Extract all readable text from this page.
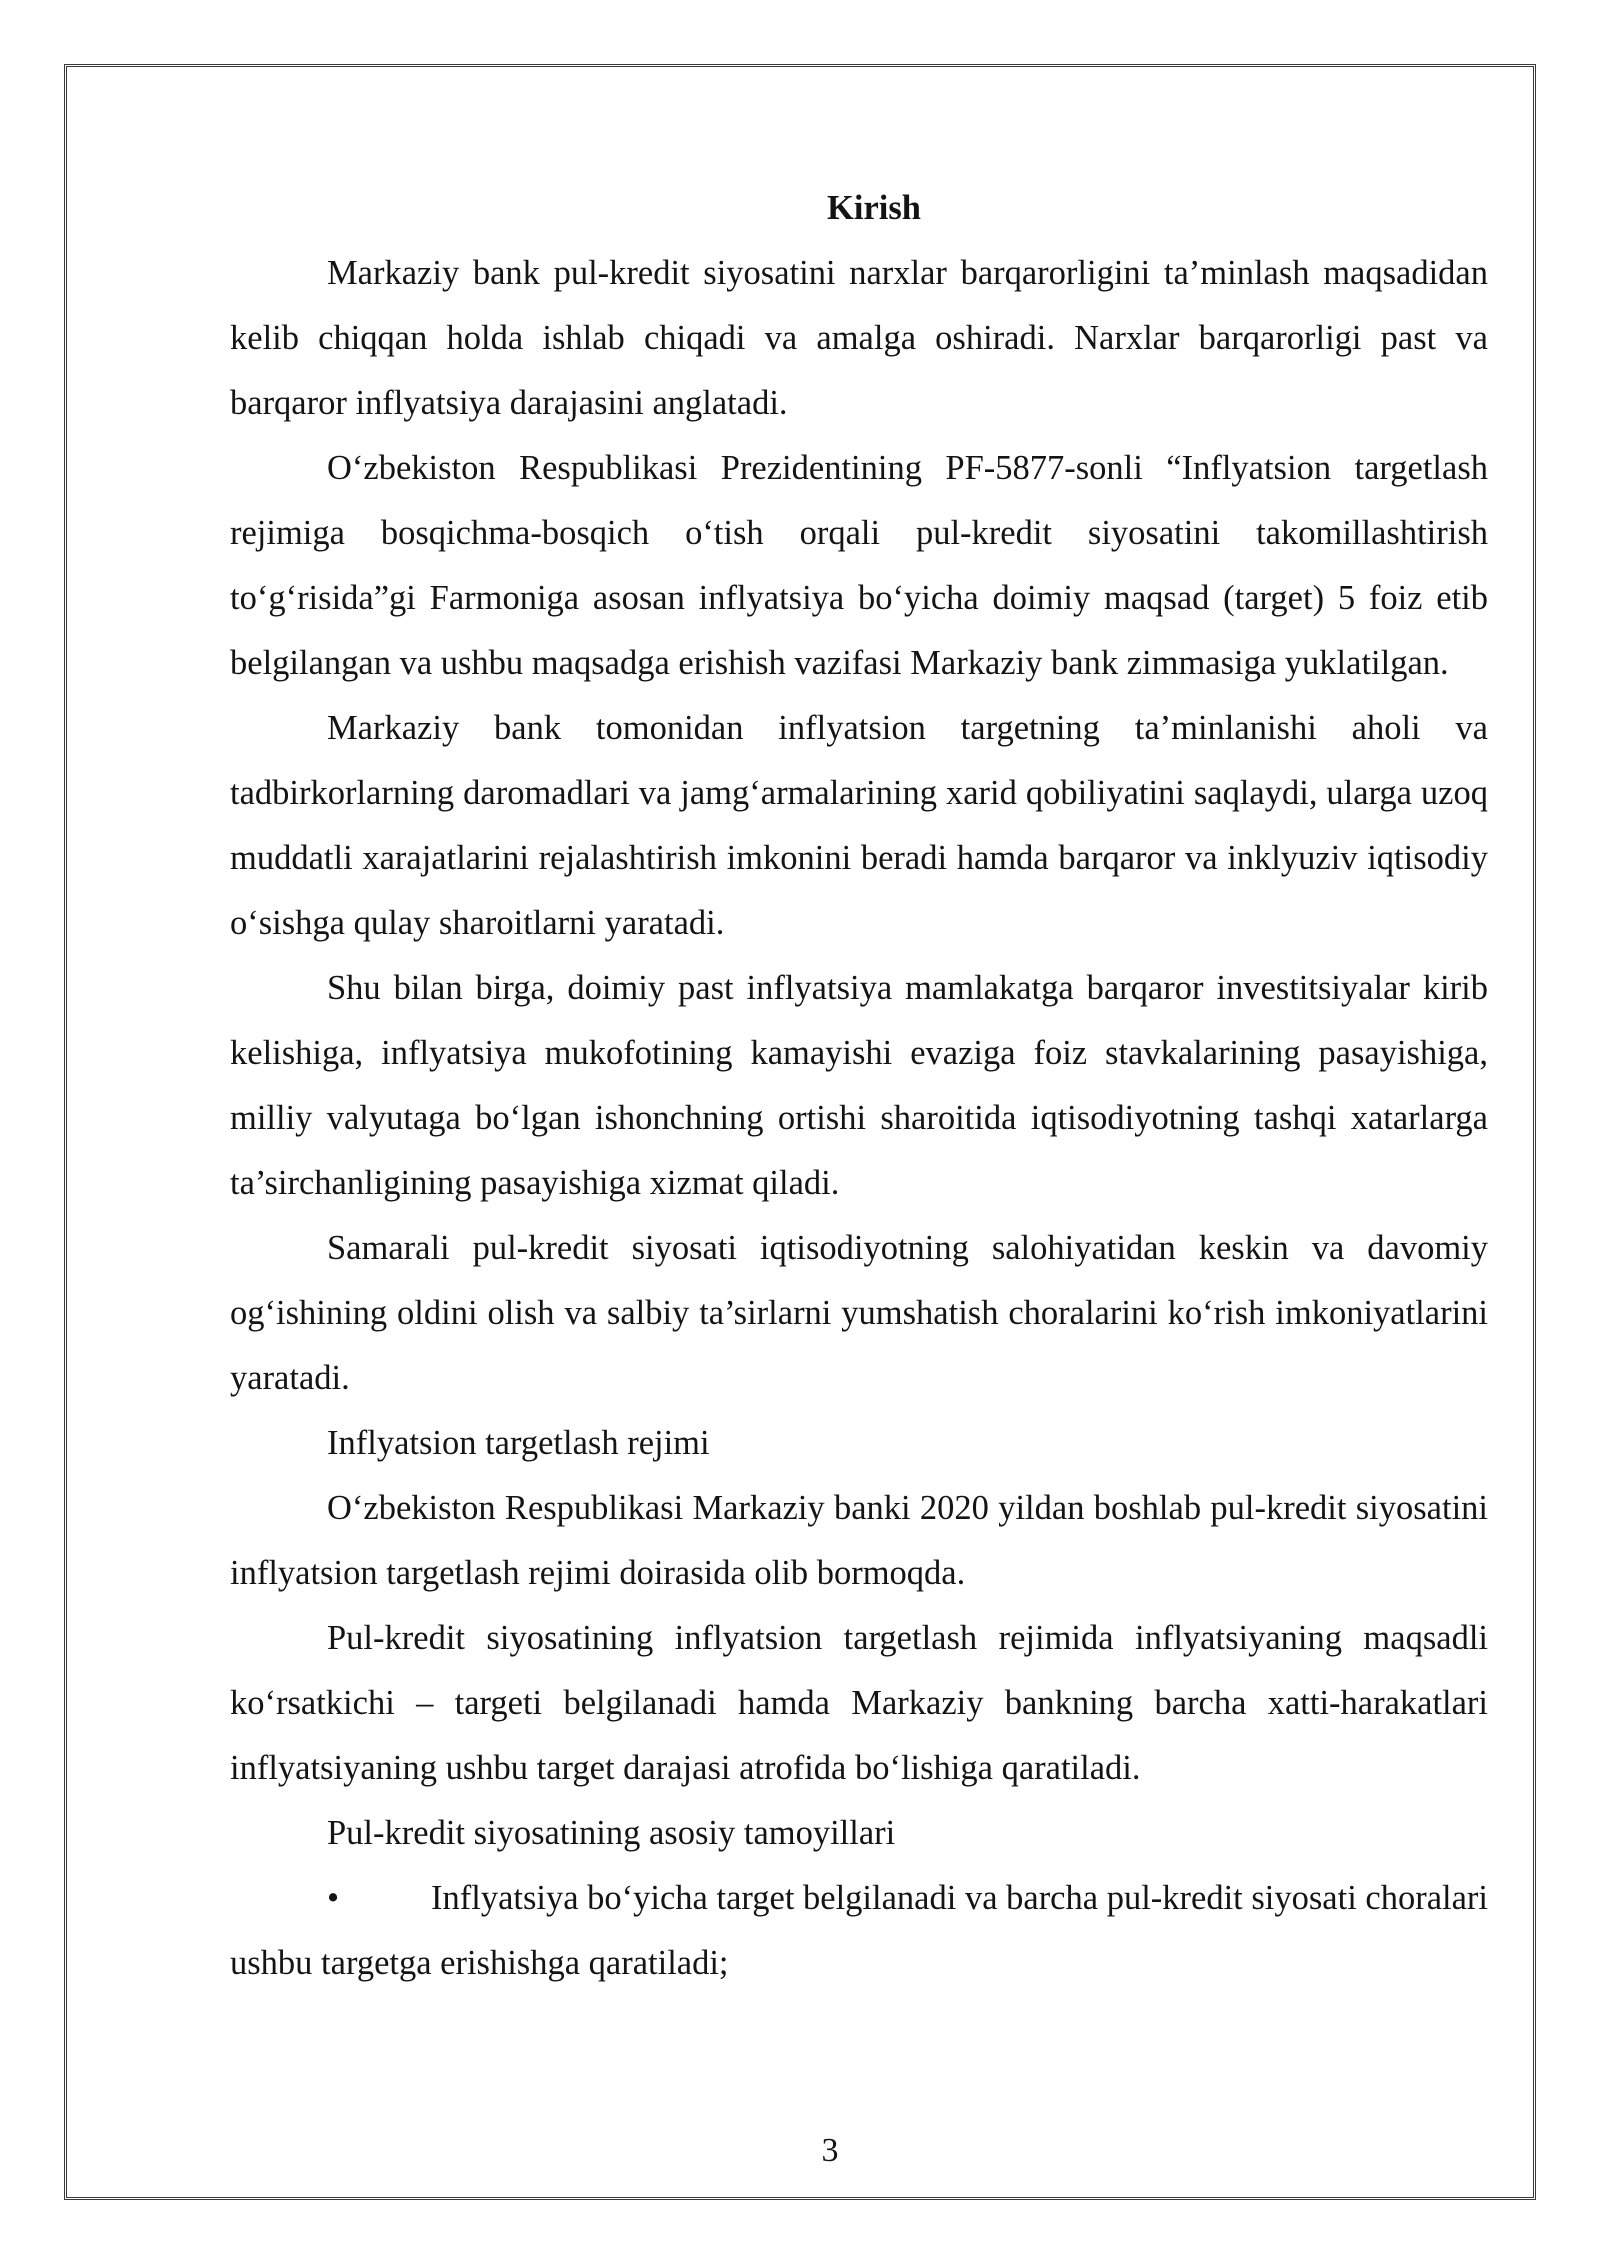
Kirish

Markaziy bank pul-kredit siyosatini narxlar barqarorligini ta’minlash maqsadidan kelib chiqqan holda ishlab chiqadi va amalga oshiradi. Narxlar barqarorligi past va barqaror inflyatsiya darajasini anglatadi.

O‘zbekiston Respublikasi Prezidentining PF-5877-sonli “Inflyatsion targetlash rejimiga bosqichma-bosqich o‘tish orqali pul-kredit siyosatini takomillashtirish to‘g‘risida”gi Farmoniga asosan inflyatsiya bo‘yicha doimiy maqsad (target) 5 foiz etib belgilangan va ushbu maqsadga erishish vazifasi Markaziy bank zimmasiga yuklatilgan.

Markaziy bank tomonidan inflyatsion targetning ta’minlanishi aholi va tadbirkorlarning daromadlari va jamg‘armalarining xarid qobiliyatini saqlaydi, ularga uzoq muddatli xarajatlarini rejalashtirish imkonini beradi hamda barqaror va inklyuziv iqtisodiy o‘sishga qulay sharoitlarni yaratadi.

Shu bilan birga, doimiy past inflyatsiya mamlakatga barqaror investitsiyalar kirib kelishiga, inflyatsiya mukofotining kamayishi evaziga foiz stavkalarining pasayishiga, milliy valyutaga bo‘lgan ishonchning ortishi sharoitida iqtisodiyotning tashqi xatarlarga ta’sirchanligining pasayishiga xizmat qiladi.

Samarali pul-kredit siyosati iqtisodiyotning salohiyatidan keskin va davomiy og‘ishining oldini olish va salbiy ta’sirlarni yumshatish choralarini ko‘rish imkoniyatlarini yaratadi.

Inflyatsion targetlash rejimi

O‘zbekiston Respublikasi Markaziy banki 2020 yildan boshlab pul-kredit siyosatini inflyatsion targetlash rejimi doirasida olib bormoqda.

Pul-kredit siyosatining inflyatsion targetlash rejimida inflyatsiyaning maqsadli ko‘rsatkichi – targeti belgilanadi hamda Markaziy bankning barcha xatti-harakatlari inflyatsiyaning ushbu target darajasi atrofida bo‘lishiga qaratiladi.

Pul-kredit siyosatining asosiy tamoyillari

•	Inflyatsiya bo‘yicha target belgilanadi va barcha pul-kredit siyosati choralari ushbu targetga erishishga qaratiladi;

3
